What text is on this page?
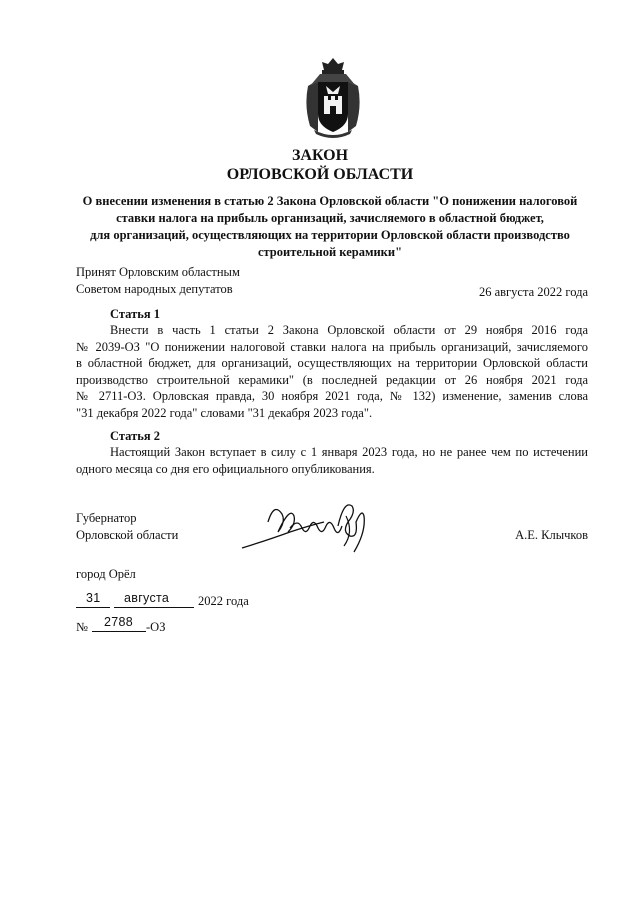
ЗАКОН
ОРЛОВСКОЙ ОБЛАСТИ
О внесении изменения в статью 2 Закона Орловской области "О понижении налоговой
ставки налога на прибыль организаций, зачисляемого в областной бюджет,
для организаций, осуществляющих на территории Орловской области производство
строительной керамики"
Принят Орловским областным
Советом народных депутатов	26 августа 2022 года
Статья 1
Внести в часть 1 статьи 2 Закона Орловской области от 29 ноября 2016 года
№ 2039-ОЗ "О понижении налоговой ставки налога на прибыль организаций, зачисляемого
в областной бюджет, для организаций, осуществляющих на территории Орловской области
производство строительной керамики" (в последней редакции от 26 ноября 2021 года
№ 2711-ОЗ. Орловская правда, 30 ноября 2021 года, № 132) изменение, заменив слова
"31 декабря 2022 года" словами "31 декабря 2023 года".
Статья 2
Настоящий Закон вступает в силу с 1 января 2023 года, но не ранее чем по истечении
одного месяца со дня его официального опубликования.
Губернатор
Орловской области	А.Е. Клычков
город Орёл
31 августа 2022 года
№ 2788 -ОЗ
